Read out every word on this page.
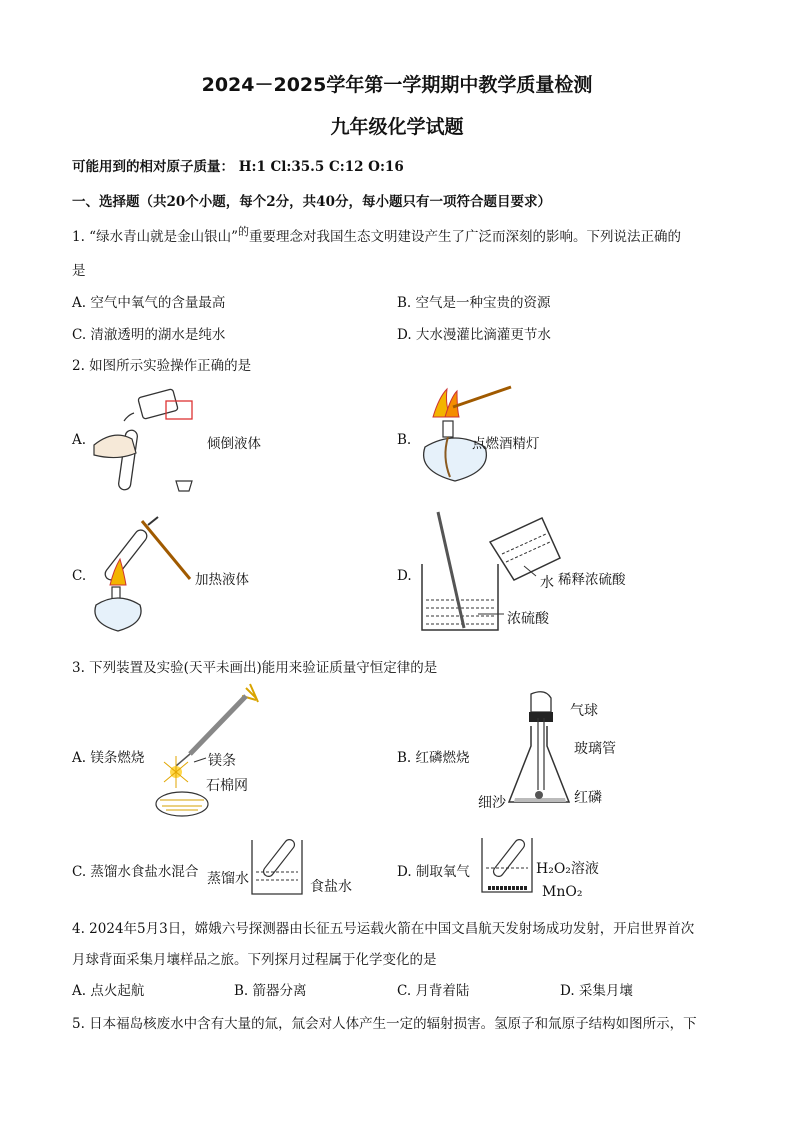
2024－2025学年第一学期期中教学质量检测
九年级化学试题
可能用到的相对原子质量： H:1 Cl:35.5 C:12 O:16
一、选择题（共20个小题，每个2分，共40分，每小题只有一项符合题目要求）
1. “绿水青山就是金山银山”$^的$重要理念对我国生态文明建设产生了广泛而深刻的影响。下列说法正确的
是
A. 空气中氧气的含量最高	B. 空气是一种宝贵的资源
C. 清澈透明的湖水是纯水	D. 大水漫灌比滴灌更节水
2. 如图所示实验操作正确的是
A.	倾倒液体	B.	点燃酒精灯
C.	加热液体	D.	水
浓硫酸
稀释浓硫酸
3. 下列装置及实验(天平未画出)能用来验证质量守恒定律的是
A. 镁条燃烧	镁条
石棉网
B. 红磷燃烧
气球
玻璃管
红磷
细沙
C. 蒸馏水食盐水混合 蒸馏水	食盐水
D. 制取氧气	H₂O₂溶液
MnO₂
4. 2024年5月3日，嫦娥六号探测器由长征五号运载火箭在中国文昌航天发射场成功发射，开启世界首次
月球背面采集月壤样品之旅。下列探月过程属于化学变化的是
A. 点火起航	B. 箭器分离	C. 月背着陆	D. 采集月壤
5. 日本福岛核废水中含有大量的氚，氚会对人体产生一定的辐射损害。氢原子和氚原子结构如图所示，下
